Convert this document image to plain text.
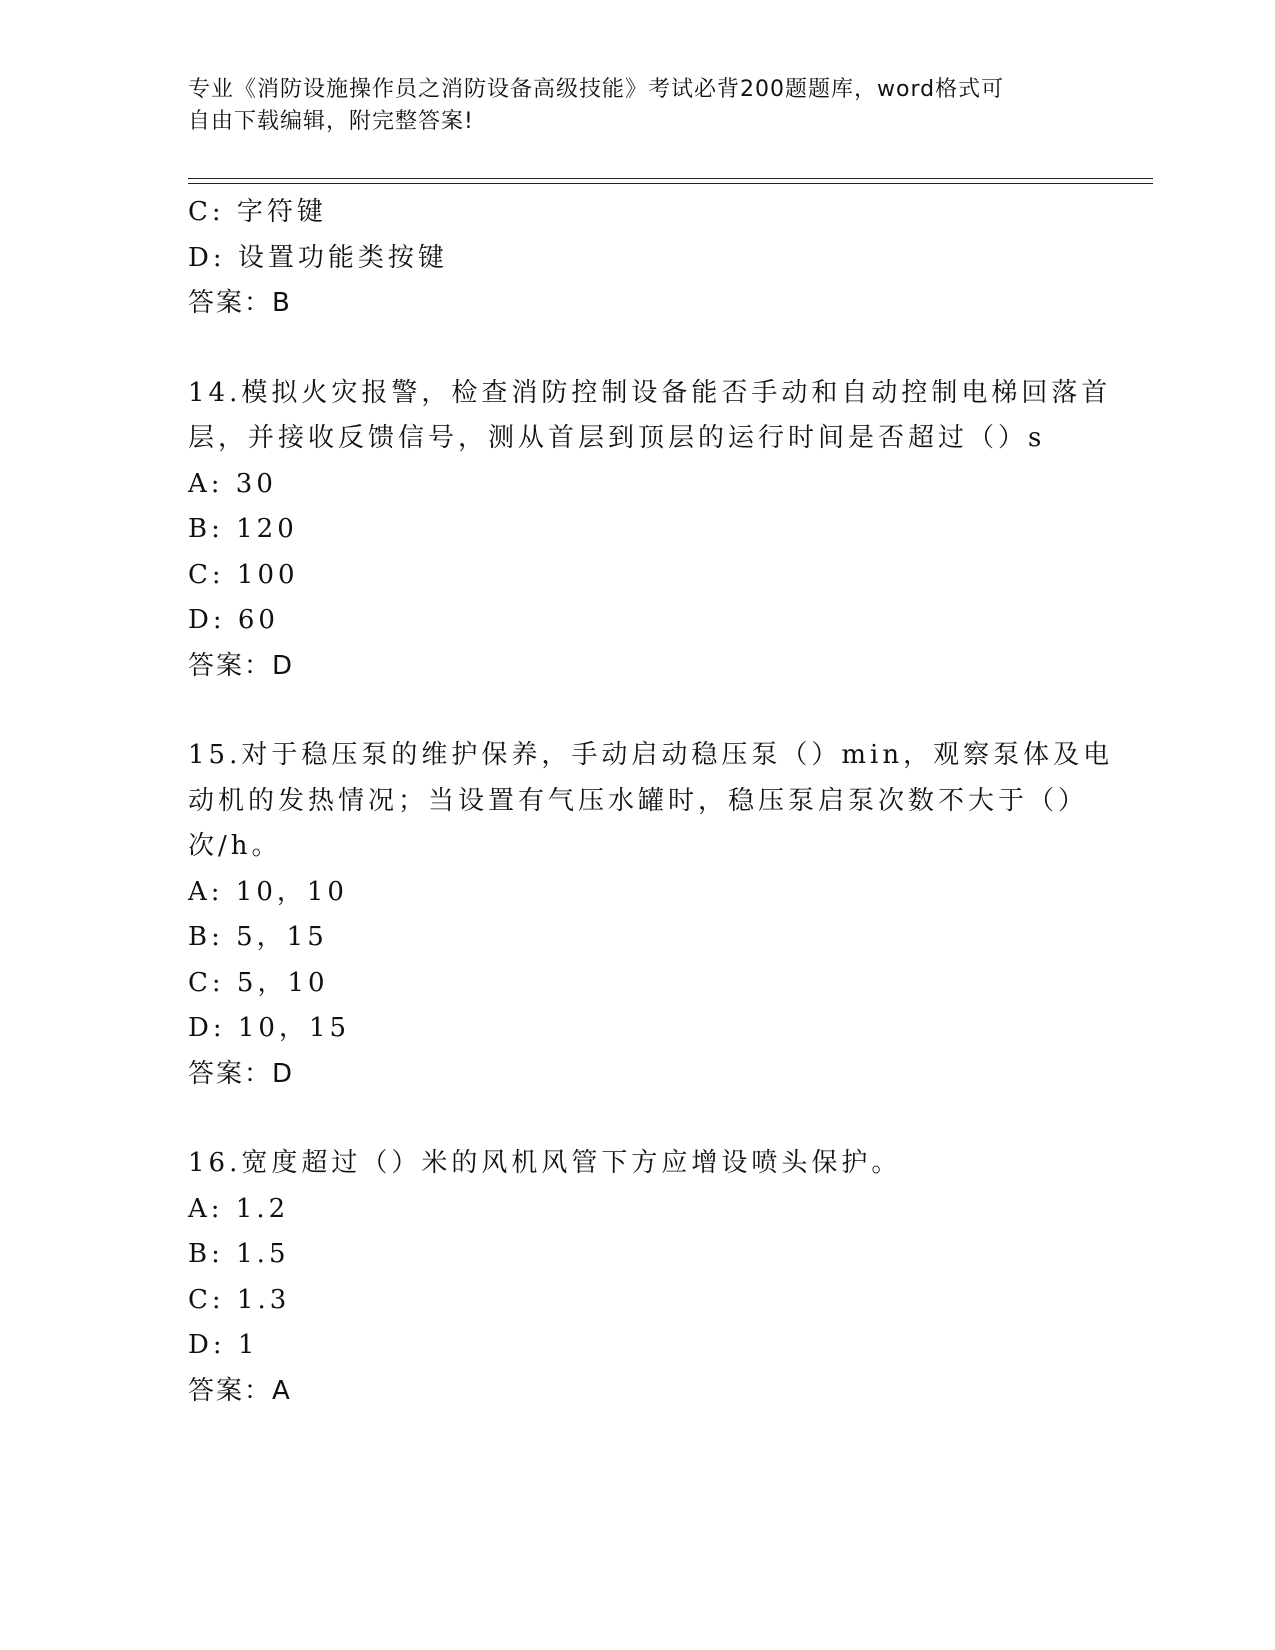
专业《消防设施操作员之消防设备高级技能》考试必背200题题库，word格式可
自由下载编辑，附完整答案!
C: 字符键
D: 设置功能类按键
答案：B
14.模拟火灾报警，检查消防控制设备能否手动和自动控制电梯回落首
层，并接收反馈信号，测从首层到顶层的运行时间是否超过（）s
A: 30
B: 120
C: 100
D: 60
答案：D
15.对于稳压泵的维护保养，手动启动稳压泵（）min，观察泵体及电
动机的发热情况；当设置有气压水罐时，稳压泵启泵次数不大于（）
次/h。
A: 10，10
B: 5，15
C: 5，10
D: 10，15
答案：D
16.宽度超过（）米的风机风管下方应增设喷头保护。
A: 1.2
B: 1.5
C: 1.3
D: 1
答案：A
